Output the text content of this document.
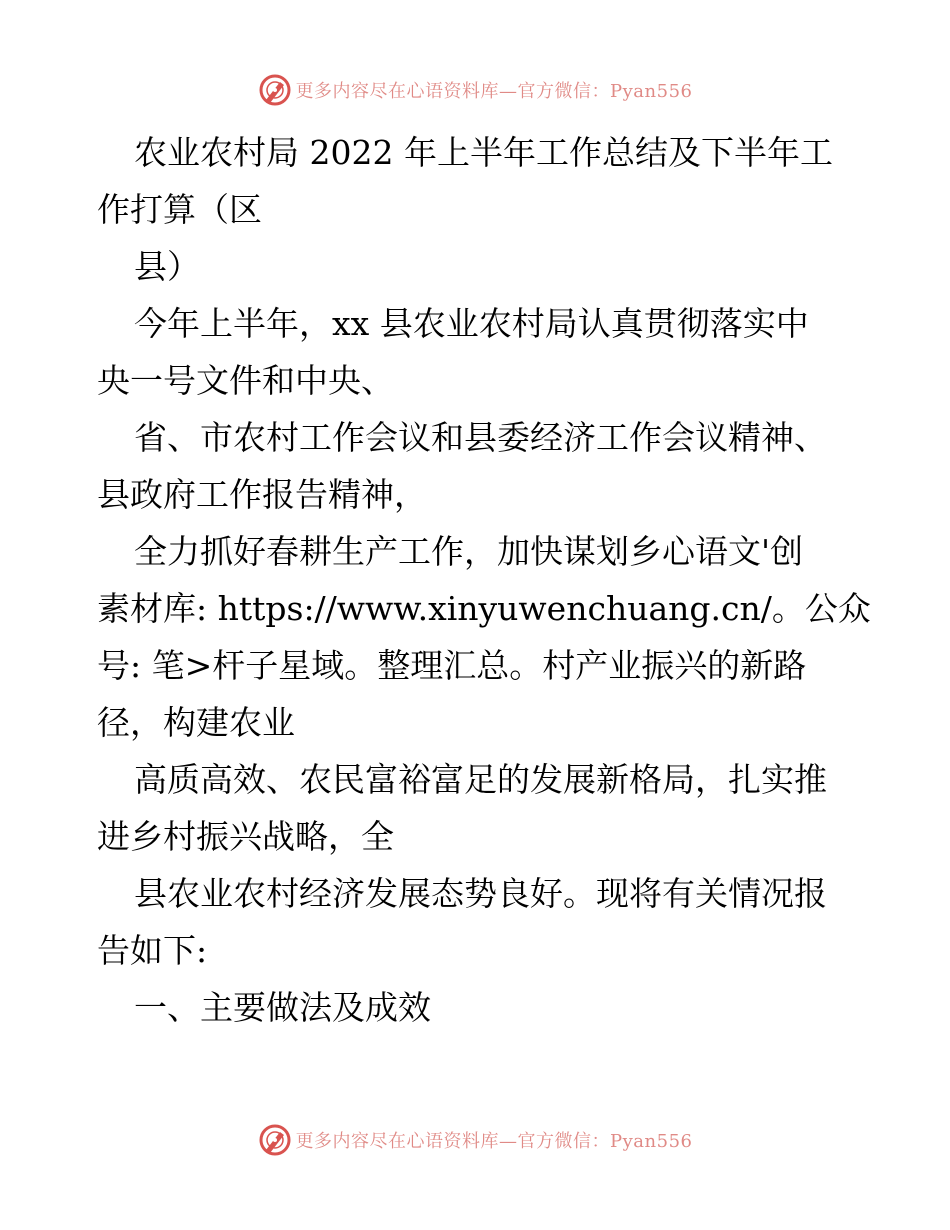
更多内容尽在心语资料库—官方微信：Pyan556
农业农村局 2022 年上半年工作总结及下半年工
作打算（区
县）
今年上半年，xx 县农业农村局认真贯彻落实中
央一号文件和中央、
省、市农村工作会议和县委经济工作会议精神、
县政府工作报告精神，
全力抓好春耕生产工作，加快谋划乡心语文'创
素材库: https://www.xinyuwenchuang.cn/。公众
号: 笔>杆子星域。整理汇总。村产业振兴的新路
径，构建农业
高质高效、农民富裕富足的发展新格局，扎实推
进乡村振兴战略，全
县农业农村经济发展态势良好。现将有关情况报
告如下:
一、主要做法及成效
更多内容尽在心语资料库—官方微信：Pyan556
